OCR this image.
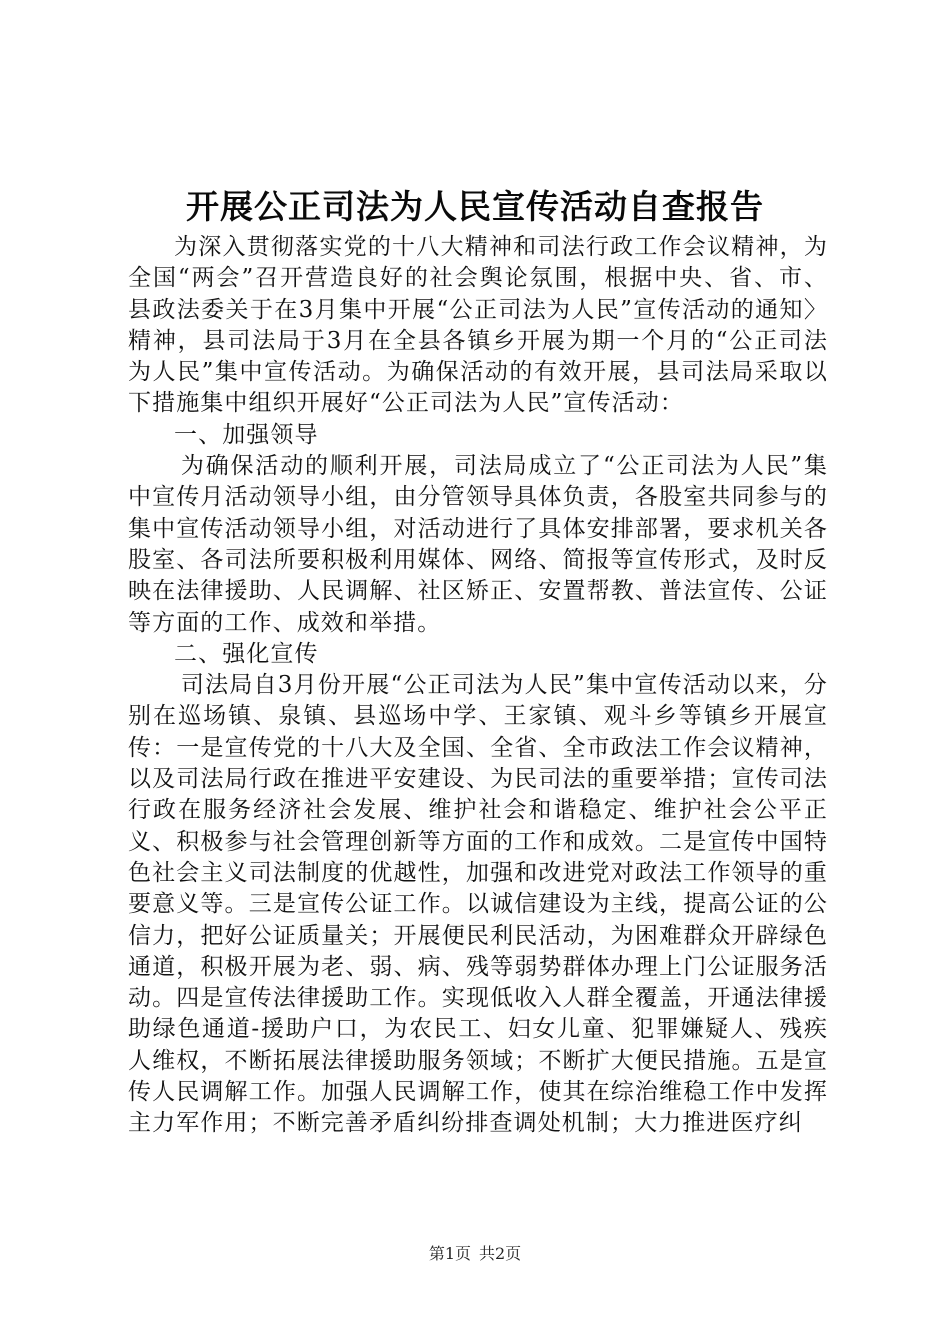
开展公正司法为人民宣传活动自查报告

为深入贯彻落实党的十八大精神和司法行政工作会议精神，为全国“两会”召开营造良好的社会舆论氛围，根据中央、省、市、县政法委关于在3月集中开展“公正司法为人民”宣传活动的通知〉精神，县司法局于3月在全县各镇乡开展为期一个月的“公正司法为人民”集中宣传活动。为确保活动的有效开展，县司法局采取以下措施集中组织开展好“公正司法为人民”宣传活动：

一、加强领导

为确保活动的顺利开展，司法局成立了“公正司法为人民”集中宣传月活动领导小组，由分管领导具体负责，各股室共同参与的集中宣传活动领导小组，对活动进行了具体安排部署，要求机关各股室、各司法所要积极利用媒体、网络、简报等宣传形式，及时反映在法律援助、人民调解、社区矫正、安置帮教、普法宣传、公证等方面的工作、成效和举措。

二、强化宣传

司法局自3月份开展“公正司法为人民”集中宣传活动以来，分别在巡场镇、泉镇、县巡场中学、王家镇、观斗乡等镇乡开展宣传：一是宣传党的十八大及全国、全省、全市政法工作会议精神，以及司法局行政在推进平安建设、为民司法的重要举措；宣传司法行政在服务经济社会发展、维护社会和谐稳定、维护社会公平正义、积极参与社会管理创新等方面的工作和成效。二是宣传中国特色社会主义司法制度的优越性，加强和改进党对政法工作领导的重要意义等。三是宣传公证工作。以诚信建设为主线，提高公证的公信力，把好公证质量关；开展便民利民活动，为困难群众开辟绿色通道，积极开展为老、弱、病、残等弱势群体办理上门公证服务活动。四是宣传法律援助工作。实现低收入人群全覆盖，开通法律援助绿色通道-援助户口，为农民工、妇女儿童、犯罪嫌疑人、残疾人维权，不断拓展法律援助服务领域；不断扩大便民措施。五是宣传人民调解工作。加强人民调解工作，使其在综治维稳工作中发挥主力军作用；不断完善矛盾纠纷排查调处机制；大力推进医疗纠

第1页 共2页
